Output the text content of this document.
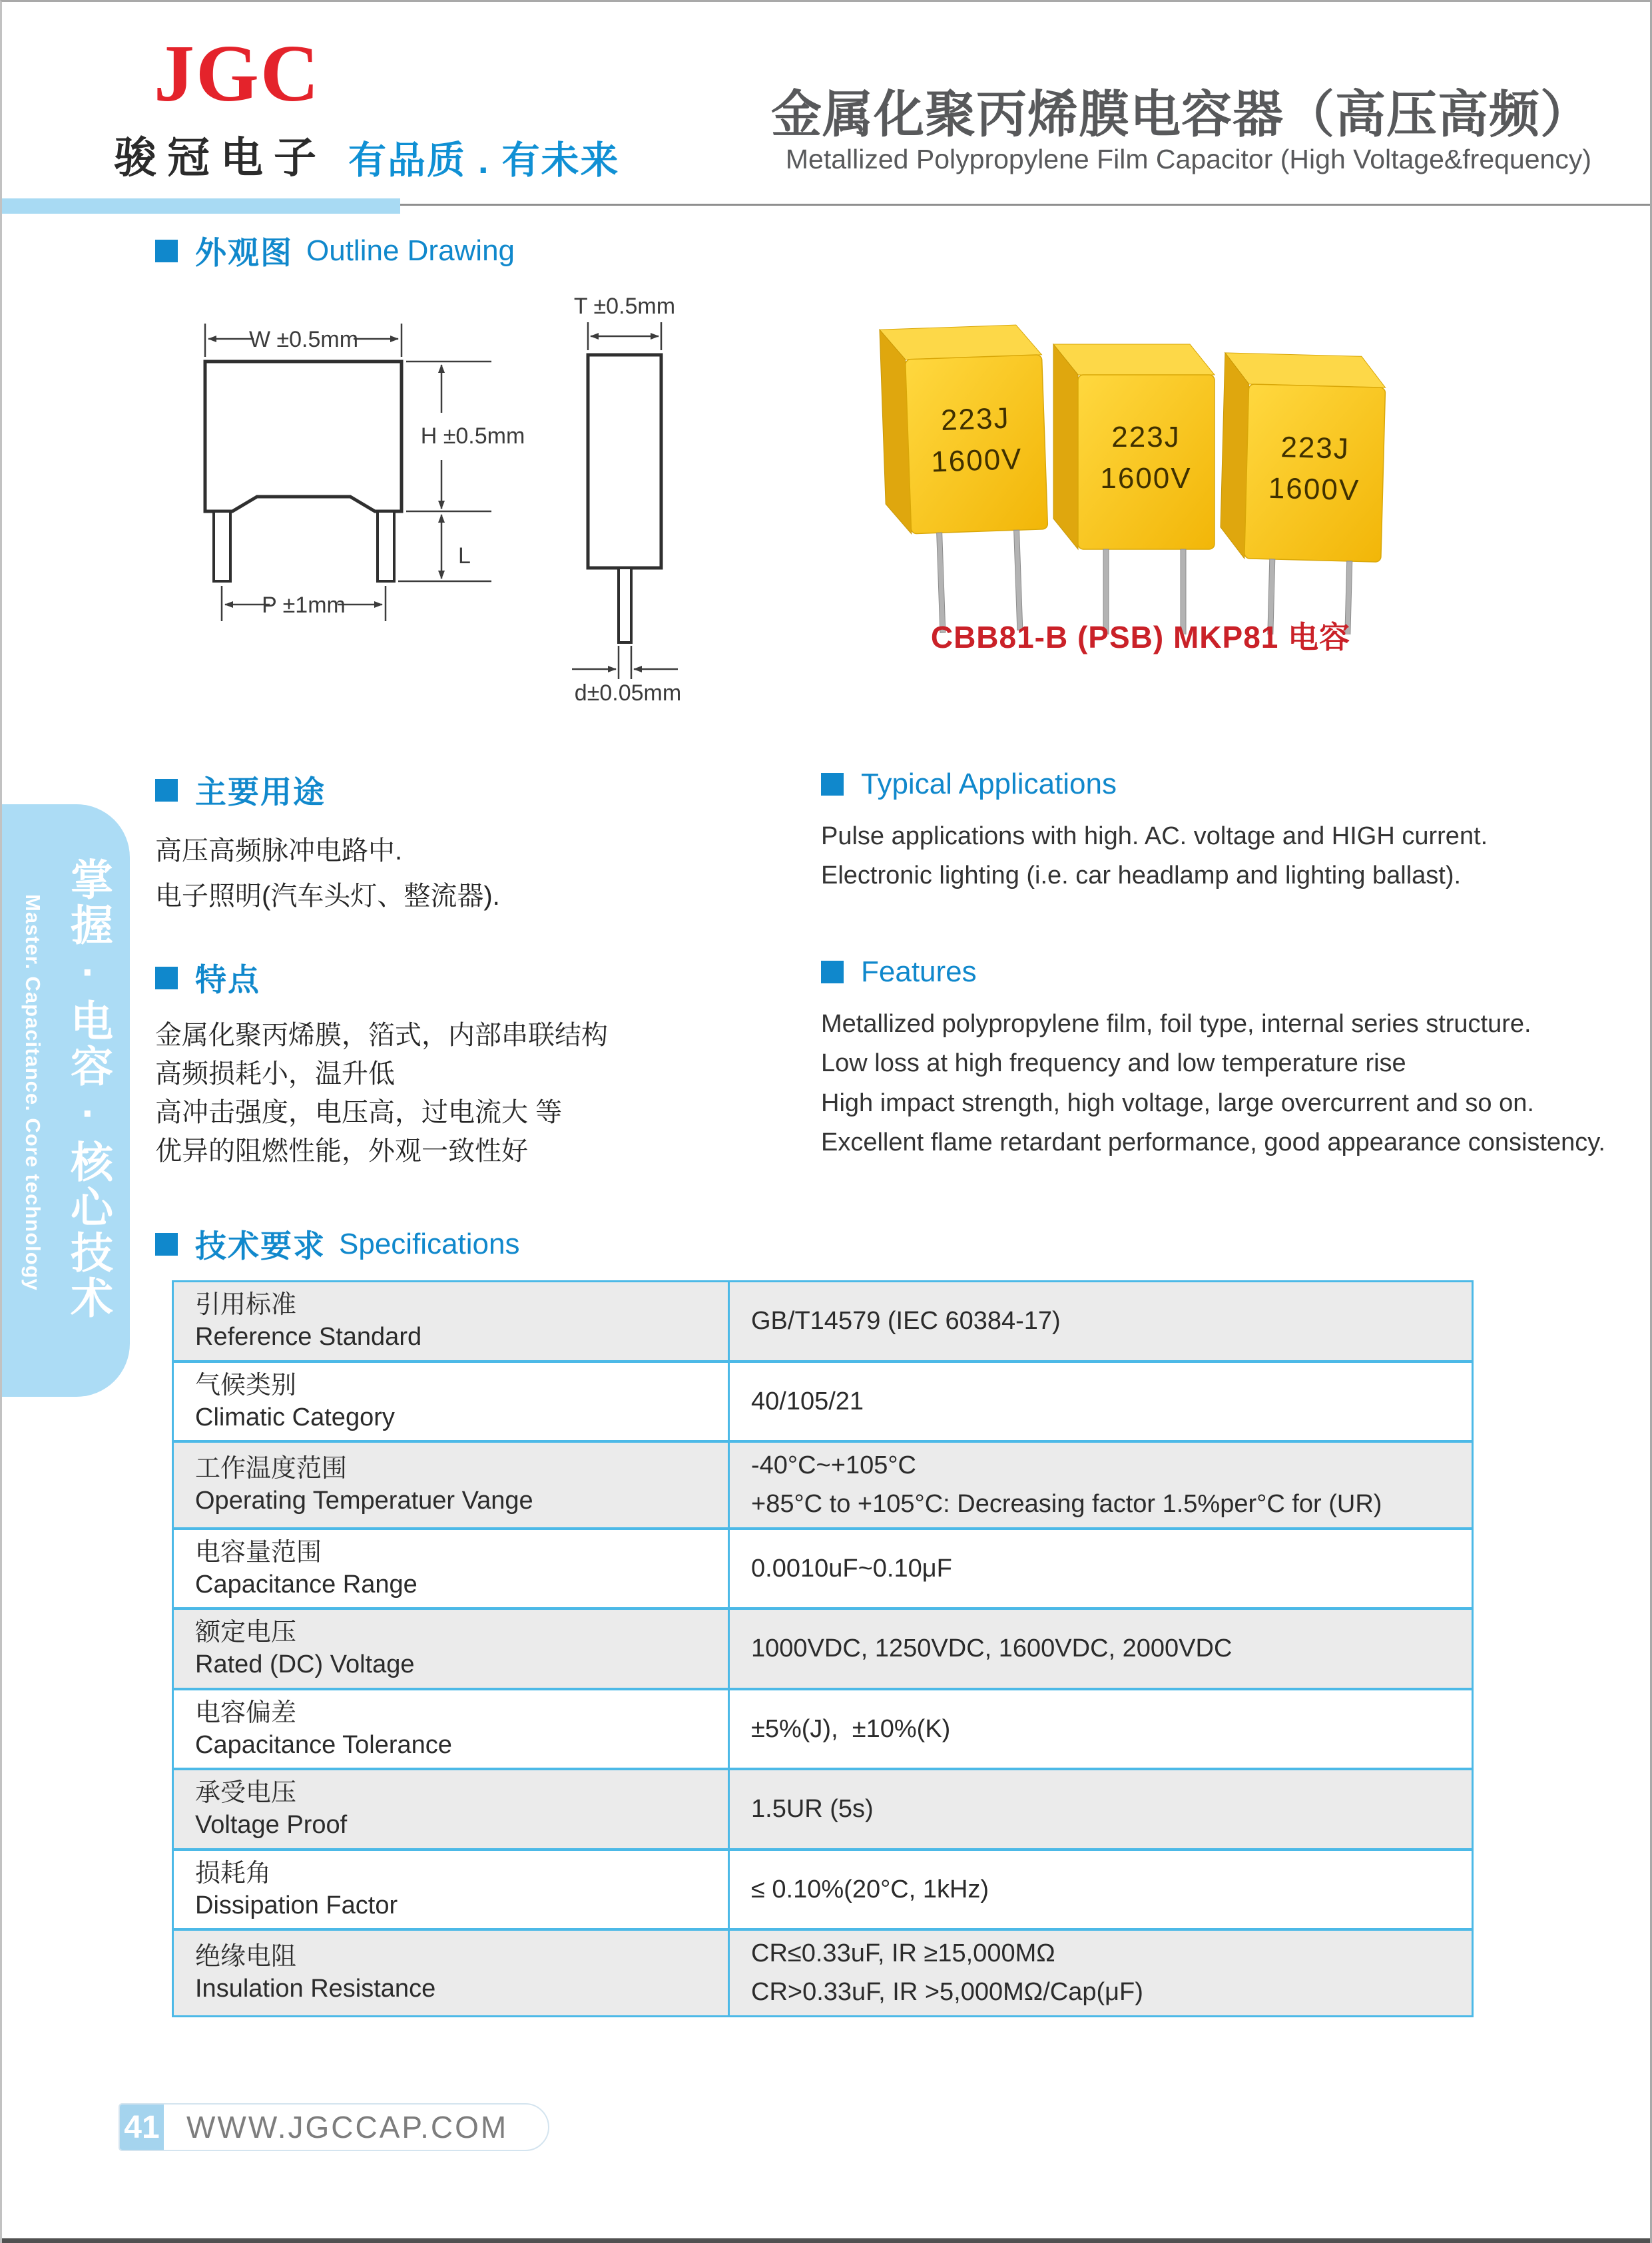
JGC
骏冠电子 有品质 . 有未来
金属化聚丙烯膜电容器（高压高频）
Metallized Polypropylene Film Capacitor (High Voltage&frequency)
外观图 Outline Drawing
W ±0.5mm
H ±0.5mm
L
P ±1mm
T ±0.5mm
d±0.05mm
223J
1600V
223J
1600V
223J
1600V
CBB81-B (PSB) MKP81 电容
主要用途
高压高频脉冲电路中.
电子照明(汽车头灯、整流器).
Typical Applications
Pulse applications with high. AC. voltage and HIGH current.
Electronic lighting (i.e. car headlamp and lighting ballast).
特点
金属化聚丙烯膜，箔式，内部串联结构
高频损耗小，温升低
高冲击强度，电压高，过电流大 等
优异的阻燃性能，外观一致性好
Features
Metallized polypropylene film, foil type, internal series structure.
Low loss at high frequency and low temperature rise
High impact strength, high voltage, large overcurrent and so on.
Excellent flame retardant performance, good appearance consistency.
技术要求 Specifications
引用标准
Reference Standard
GB/T14579 (IEC 60384-17)
气候类别
Climatic Category
40/105/21
工作温度范围
Operating Temperatuer Vange
-40°C~+105°C
+85°C to +105°C: Decreasing factor 1.5%per°C for (UR)
电容量范围
Capacitance Range
0.0010uF~0.10μF
额定电压
Rated (DC) Voltage
1000VDC, 1250VDC, 1600VDC, 2000VDC
电容偏差
Capacitance Tolerance
±5%(J),  ±10%(K)
承受电压
Voltage Proof
1.5UR (5s)
损耗角
Dissipation Factor
≤ 0.10%(20°C, 1kHz)
绝缘电阻
Insulation Resistance
CR≤0.33uF, IR ≥15,000MΩ
CR>0.33uF, IR >5,000MΩ/Cap(μF)
Master. Capacitance. Core technology 掌握·电容·核心技术
41 WWW.JGCCAP.COM
